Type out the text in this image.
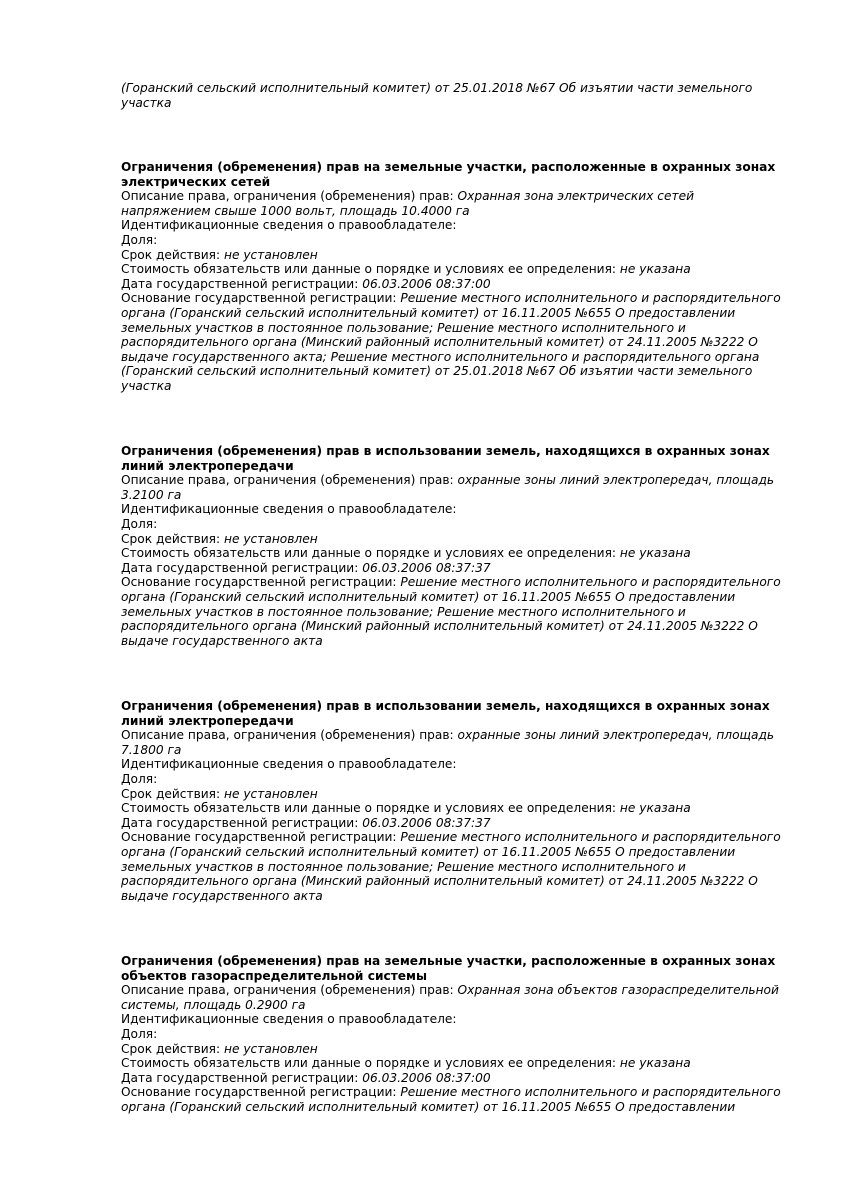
(Горанский сельский исполнительный комитет) от 25.01.2018 №67 Об изъятии части земельного участка

Ограничения (обременения) прав на земельные участки, расположенные в охранных зонах электрических сетей

Описание права, ограничения (обременения) прав: Охранная зона электрических сетей напряжением свыше 1000 вольт, площадь 10.4000 га

Идентификационные сведения о правообладателе:

Доля:

Срок действия: не установлен

Стоимость обязательств или данные о порядке и условиях ее определения: не указана

Дата государственной регистрации: 06.03.2006 08:37:00

Основание государственной регистрации: Решение местного исполнительного и распорядительного органа (Горанский сельский исполнительный комитет) от 16.11.2005 №655 О предоставлении земельных участков в постоянное пользование; Решение местного исполнительного и распорядительного органа (Минский районный исполнительный комитет) от 24.11.2005 №3222 О выдаче государственного акта; Решение местного исполнительного и распорядительного органа (Горанский сельский исполнительный комитет) от 25.01.2018 №67 Об изъятии части земельного участка

Ограничения (обременения) прав в использовании земель, находящихся в охранных зонах линий электропередачи

Описание права, ограничения (обременения) прав: охранные зоны линий электропередач, площадь 3.2100 га

Идентификационные сведения о правообладателе:

Доля:

Срок действия: не установлен

Стоимость обязательств или данные о порядке и условиях ее определения: не указана

Дата государственной регистрации: 06.03.2006 08:37:37

Основание государственной регистрации: Решение местного исполнительного и распорядительного органа (Горанский сельский исполнительный комитет) от 16.11.2005 №655 О предоставлении земельных участков в постоянное пользование; Решение местного исполнительного и распорядительного органа (Минский районный исполнительный комитет) от 24.11.2005 №3222 О выдаче государственного акта

Ограничения (обременения) прав в использовании земель, находящихся в охранных зонах линий электропередачи

Описание права, ограничения (обременения) прав: охранные зоны линий электропередач, площадь 7.1800 га

Идентификационные сведения о правообладателе:

Доля:

Срок действия: не установлен

Стоимость обязательств или данные о порядке и условиях ее определения: не указана

Дата государственной регистрации: 06.03.2006 08:37:37

Основание государственной регистрации: Решение местного исполнительного и распорядительного органа (Горанский сельский исполнительный комитет) от 16.11.2005 №655 О предоставлении земельных участков в постоянное пользование; Решение местного исполнительного и распорядительного органа (Минский районный исполнительный комитет) от 24.11.2005 №3222 О выдаче государственного акта

Ограничения (обременения) прав на земельные участки, расположенные в охранных зонах объектов газораспределительной системы

Описание права, ограничения (обременения) прав: Охранная зона объектов газораспределительной системы, площадь 0.2900 га

Идентификационные сведения о правообладателе:

Доля:

Срок действия: не установлен

Стоимость обязательств или данные о порядке и условиях ее определения: не указана

Дата государственной регистрации: 06.03.2006 08:37:00

Основание государственной регистрации: Решение местного исполнительного и распорядительного органа (Горанский сельский исполнительный комитет) от 16.11.2005 №655 О предоставлении
